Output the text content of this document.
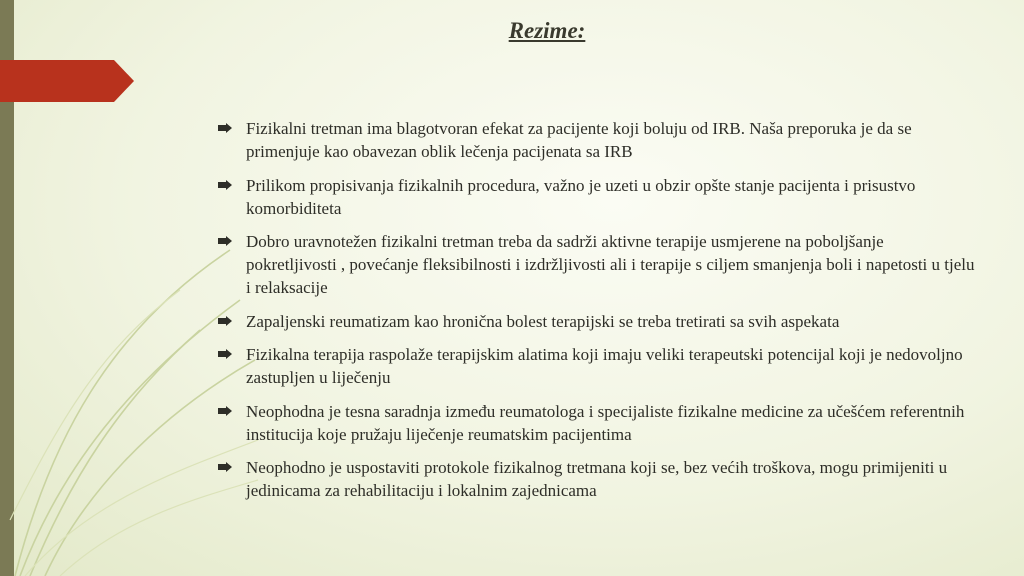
Rezime:
Fizikalni tretman ima blagotvoran efekat za pacijente koji boluju od IRB. Naša preporuka je da se primenjuje kao obavezan oblik lečenja pacijenata sa IRB
Prilikom propisivanja fizikalnih procedura, važno je uzeti u obzir opšte stanje pacijenta i prisustvo komorbiditeta
Dobro uravnotežen fizikalni tretman treba da sadrži aktivne terapije usmjerene na poboljšanje pokretljivosti , povećanje fleksibilnosti i izdržljivosti ali i terapije s ciljem smanjenja boli i napetosti u tjelu i relaksacije
Zapaljenski reumatizam kao hronična bolest terapijski se treba tretirati sa svih aspekata
Fizikalna terapija raspolaže terapijskim alatima koji imaju veliki terapeutski potencijal koji je nedovoljno zastupljen u liječenju
Neophodna je tesna saradnja između reumatologa i specijaliste fizikalne medicine za učešćem referentnih institucija koje pružaju liječenje reumatskim pacijentima
Neophodno je uspostaviti protokole fizikalnog tretmana koji se, bez većih troškova, mogu primijeniti u jedinicama za rehabilitaciju i lokalnim zajednicama
